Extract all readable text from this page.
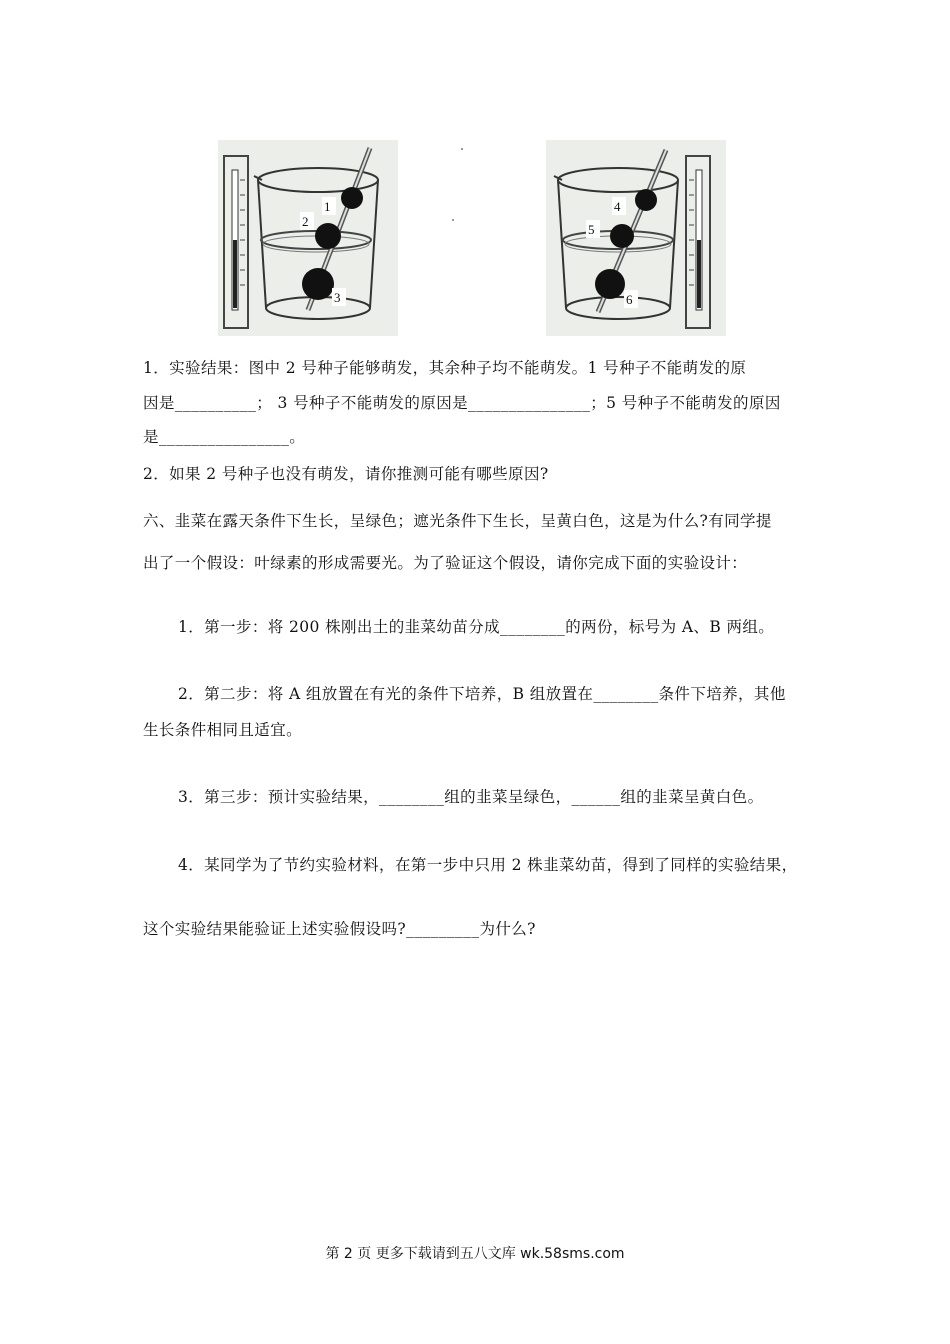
1
2
3
4
5
6
1．实验结果：图中 2 号种子能够萌发，其余种子均不能萌发。1 号种子不能萌发的原
因是__________； 3 号种子不能萌发的原因是_______________；5 号种子不能萌发的原因
是________________。
2．如果 2 号种子也没有萌发，请你推测可能有哪些原因?
六、韭菜在露天条件下生长，呈绿色；遮光条件下生长，呈黄白色，这是为什么?有同学提
出了一个假设：叶绿素的形成需要光。为了验证这个假设，请你完成下面的实验设计：
1．第一步：将 200 株刚出土的韭菜幼苗分成________的两份，标号为 A、B 两组。
2．第二步：将 A 组放置在有光的条件下培养，B 组放置在________条件下培养，其他
生长条件相同且适宜。
3．第三步：预计实验结果，________组的韭菜呈绿色，______组的韭菜呈黄白色。
4．某同学为了节约实验材料，在第一步中只用 2 株韭菜幼苗，得到了同样的实验结果，
这个实验结果能验证上述实验假设吗?_________为什么?
第 2 页 更多下载请到五八文库 wk.58sms.com
